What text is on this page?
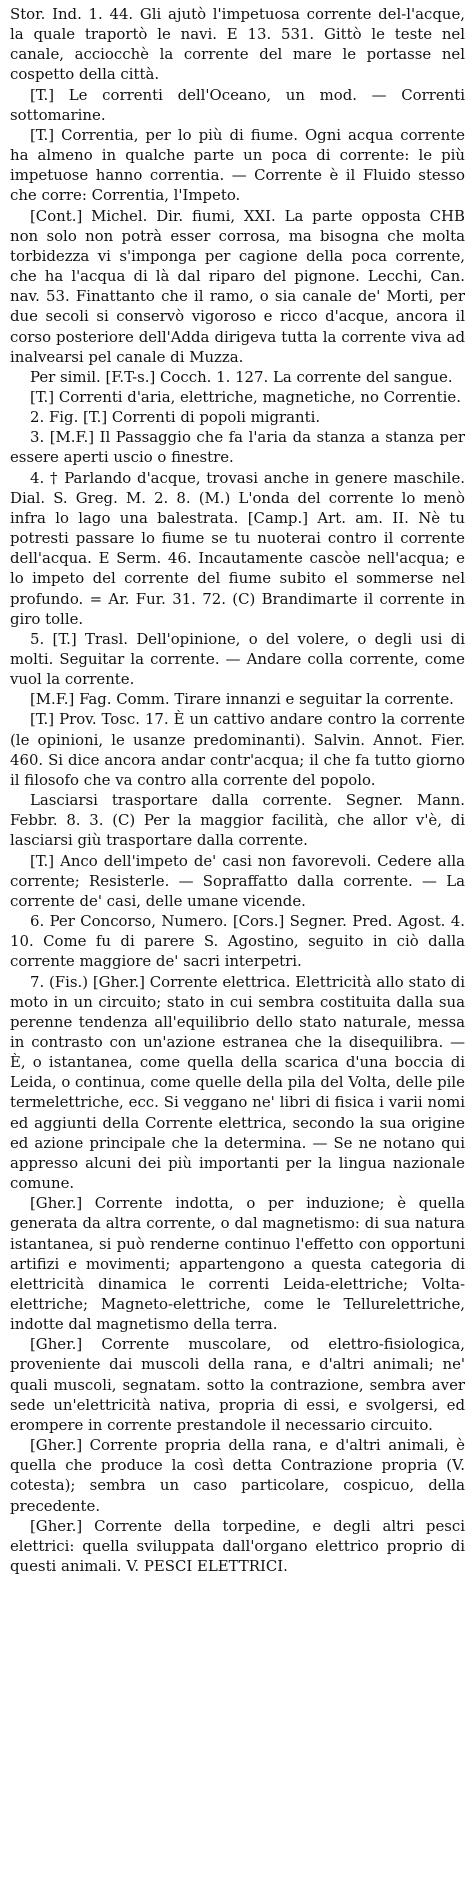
Stor. Ind. 1. 44. Gli ajutò l'impetuosa corrente del-l'acque, la quale traportò le navi. E 13. 531. Gittò le teste nel canale, acciocchè la corrente del mare le portasse nel cospetto della città.

[T.] Le correnti dell'Oceano, un mod. — Correnti sottomarine.

[T.] Correntia, per lo più di fiume. Ogni acqua corrente ha almeno in qualche parte un poca di corrente: le più impetuose hanno correntia. — Corrente è il Fluido stesso che corre: Correntia, l'Impeto.

[Cont.] Michel. Dir. fiumi, XXI. La parte opposta CHB non solo non potrà esser corrosa, ma bisogna che molta torbidezza vi s'imponga per cagione della poca corrente, che ha l'acqua di là dal riparo del pignone. Lecchi, Can. nav. 53. Finattanto che il ramo, o sia canale de' Morti, per due secoli si conservò vigoroso e ricco d'acque, ancora il corso posteriore dell'Adda dirigeva tutta la corrente viva ad inalvearsi pel canale di Muzza.

Per simil. [F.T-s.] Cocch. 1. 127. La corrente del sangue.

[T.] Correnti d'aria, elettriche, magnetiche, no Correntie.

2. Fig. [T.] Correnti di popoli migranti.

3. [M.F.] Il Passaggio che fa l'aria da stanza a stanza per essere aperti uscio o finestre.

4. † Parlando d'acque, trovasi anche in genere maschile. Dial. S. Greg. M. 2. 8. (M.) L'onda del corrente lo menò infra lo lago una balestrata. [Camp.] Art. am. II. Nè tu potresti passare lo fiume se tu nuoterai contro il corrente dell'acqua. E Serm. 46. Incautamente cascòe nell'acqua; e lo impeto del corrente del fiume subito el sommerse nel profundo. = Ar. Fur. 31. 72. (C) Brandimarte il corrente in giro tolle.

5. [T.] Trasl. Dell'opinione, o del volere, o degli usi di molti. Seguitar la corrente. — Andare colla corrente, come vuol la corrente.

[M.F.] Fag. Comm. Tirare innanzi e seguitar la corrente.

[T.] Prov. Tosc. 17. È un cattivo andare contro la corrente (le opinioni, le usanze predominanti). Salvin. Annot. Fier. 460. Si dice ancora andar contr'acqua; il che fa tutto giorno il filosofo che va contro alla corrente del popolo.

Lasciarsi trasportare dalla corrente. Segner. Mann. Febbr. 8. 3. (C) Per la maggior facilità, che allor v'è, di lasciarsi giù trasportare dalla corrente.

[T.] Anco dell'impeto de' casi non favorevoli. Cedere alla corrente; Resisterle. — Sopraffatto dalla corrente. — La corrente de' casi, delle umane vicende.

6. Per Concorso, Numero. [Cors.] Segner. Pred. Agost. 4. 10. Come fu di parere S. Agostino, seguito in ciò dalla corrente maggiore de' sacri interpetri.

7. (Fis.) [Gher.] Corrente elettrica. Elettricità allo stato di moto in un circuito; stato in cui sembra costituita dalla sua perenne tendenza all'equilibrio dello stato naturale, messa in contrasto con un'azione estranea che la disequilibra. — È, o istantanea, come quella della scarica d'una boccia di Leida, o continua, come quelle della pila del Volta, delle pile termelettriche, ecc. Si veggano ne' libri di fisica i varii nomi ed aggiunti della Corrente elettrica, secondo la sua origine ed azione principale che la determina. — Se ne notano qui appresso alcuni dei più importanti per la lingua nazionale comune.

[Gher.] Corrente indotta, o per induzione; è quella generata da altra corrente, o dal magnetismo: di sua natura istantanea, si può renderne continuo l'effetto con opportuni artifizi e movimenti; appartengono a questa categoria di elettricità dinamica le correnti Leida-elettriche; Volta-elettriche; Magneto-elettriche, come le Tellurelettriche, indotte dal magnetismo della terra.

[Gher.] Corrente muscolare, od elettro-fisiologica, proveniente dai muscoli della rana, e d'altri animali; ne' quali muscoli, segnatam. sotto la contrazione, sembra aver sede un'elettricità nativa, propria di essi, e svolgersi, ed erompere in corrente prestandole il necessario circuito.

[Gher.] Corrente propria della rana, e d'altri animali, è quella che produce la così detta Contrazione propria (V. cotesta); sembra un caso particolare, cospicuo, della precedente.

[Gher.] Corrente della torpedine, e degli altri pesci elettrici: quella sviluppata dall'organo elettrico proprio di questi animali. V. PESCI ELETTRICI.
